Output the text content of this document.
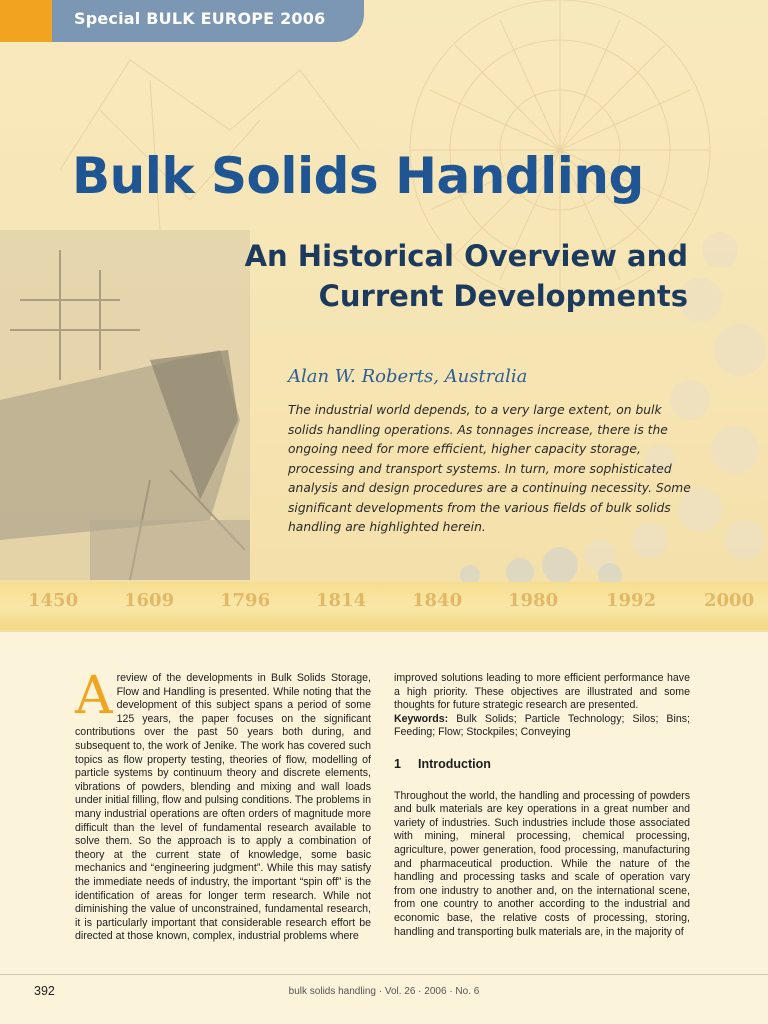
Special BULK EUROPE 2006
Bulk Solids Handling
An Historical Overview and
Current Developments
Alan W. Roberts, Australia
The industrial world depends, to a very large extent, on bulk solids handling operations. As tonnages increase, there is the ongoing need for more efficient, higher capacity storage, processing and transport systems. In turn, more sophisticated analysis and design procedures are a continuing necessity. Some significant developments from the various fields of bulk solids handling are highlighted herein.
1450	1609	1796	1814	1840	1980	1992	2000
A review of the developments in Bulk Solids Storage, Flow and Handling is presented. While noting that the development of this subject spans a period of some 125 years, the paper focuses on the significant contributions over the past 50 years both during, and subsequent to, the work of Jenike. The work has covered such topics as flow property testing, theories of flow, modelling of particle systems by continuum theory and discrete elements, vibrations of powders, blending and mixing and wall loads under initial filling, flow and pulsing conditions. The problems in many industrial operations are often orders of magnitude more difficult than the level of fundamental research available to solve them. So the approach is to apply a combination of theory at the current state of knowledge, some basic mechanics and “engineering judgment”. While this may satisfy the immediate needs of industry, the important “spin off” is the identification of areas for longer term research. While not diminishing the value of unconstrained, fundamental research, it is particularly important that considerable research effort be directed at those known, complex, industrial problems where
improved solutions leading to more efficient performance have a high priority. These objectives are illustrated and some thoughts for future strategic research are presented.
Keywords: Bulk Solids; Particle Technology; Silos; Bins; Feeding; Flow; Stockpiles; Conveying
1 Introduction
Throughout the world, the handling and processing of powders and bulk materials are key operations in a great number and variety of industries. Such industries include those associated with mining, mineral processing, chemical processing, agriculture, power generation, food processing, manufacturing and pharmaceutical production. While the nature of the handling and processing tasks and scale of operation vary from one industry to another and, on the international scene, from one country to another according to the industrial and economic base, the relative costs of processing, storing, handling and transporting bulk materials are, in the majority of
392	bulk solids handling · Vol. 26 · 2006 · No. 6
